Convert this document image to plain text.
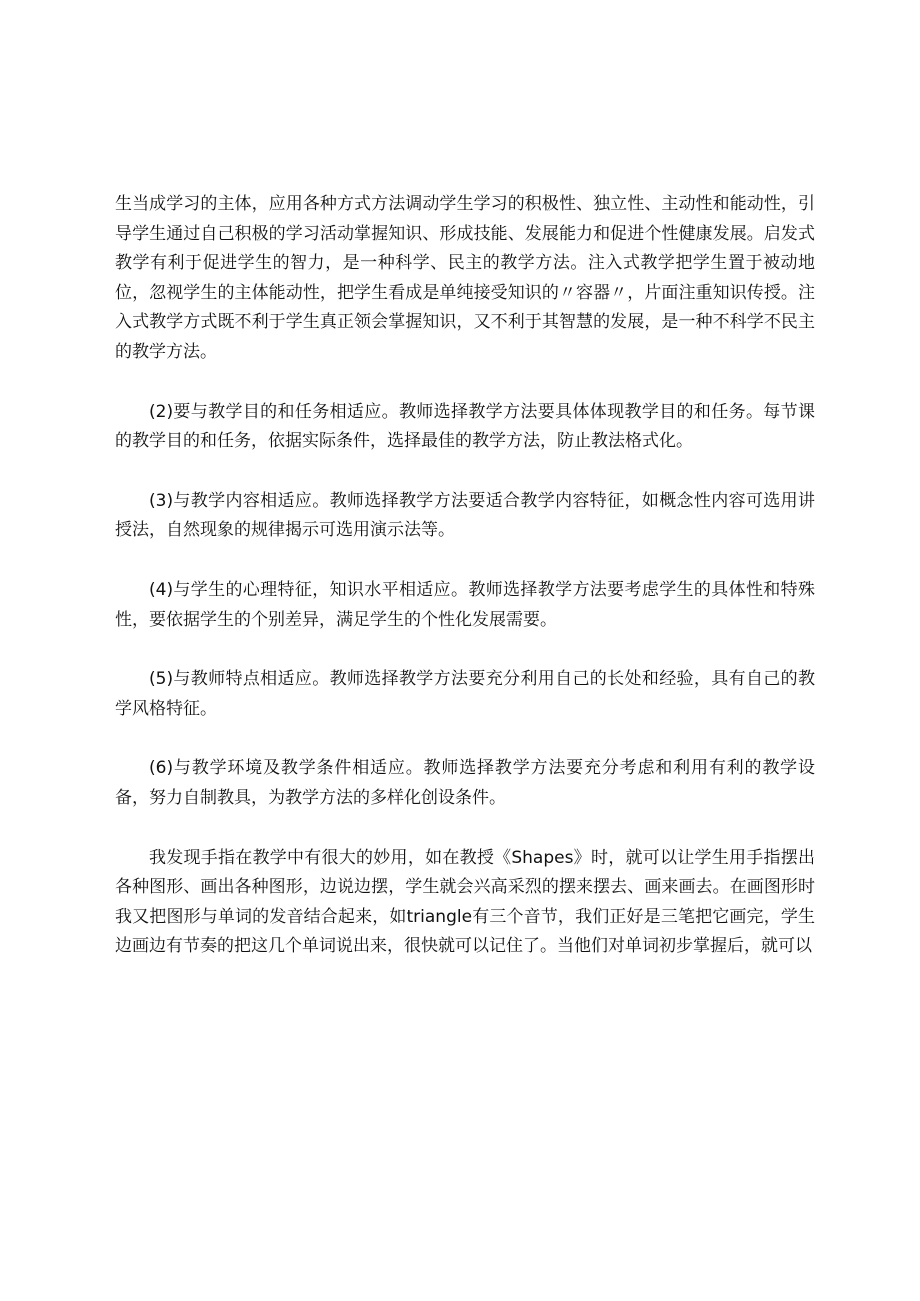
生当成学习的主体，应用各种方式方法调动学生学习的积极性、独立性、主动性和能动性，引导学生通过自己积极的学习活动掌握知识、形成技能、发展能力和促进个性健康发展。启发式教学有利于促进学生的智力，是一种科学、民主的教学方法。注入式教学把学生置于被动地位，忽视学生的主体能动性，把学生看成是单纯接受知识的〃容器〃，片面注重知识传授。注入式教学方式既不利于学生真正领会掌握知识，又不利于其智慧的发展，是一种不科学不民主的教学方法。

(2)要与教学目的和任务相适应。教师选择教学方法要具体体现教学目的和任务。每节课的教学目的和任务，依据实际条件，选择最佳的教学方法，防止教法格式化。

(3)与教学内容相适应。教师选择教学方法要适合教学内容特征，如概念性内容可选用讲授法，自然现象的规律揭示可选用演示法等。

(4)与学生的心理特征，知识水平相适应。教师选择教学方法要考虑学生的具体性和特殊性，要依据学生的个别差异，满足学生的个性化发展需要。

(5)与教师特点相适应。教师选择教学方法要充分利用自己的长处和经验，具有自己的教学风格特征。

(6)与教学环境及教学条件相适应。教师选择教学方法要充分考虑和利用有利的教学设备，努力自制教具，为教学方法的多样化创设条件。

我发现手指在教学中有很大的妙用，如在教授《Shapes》时，就可以让学生用手指摆出各种图形、画出各种图形，边说边摆，学生就会兴高采烈的摆来摆去、画来画去。在画图形时我又把图形与单词的发音结合起来，如triangle有三个音节，我们正好是三笔把它画完，学生边画边有节奏的把这几个单词说出来，很快就可以记住了。当他们对单词初步掌握后，就可以
